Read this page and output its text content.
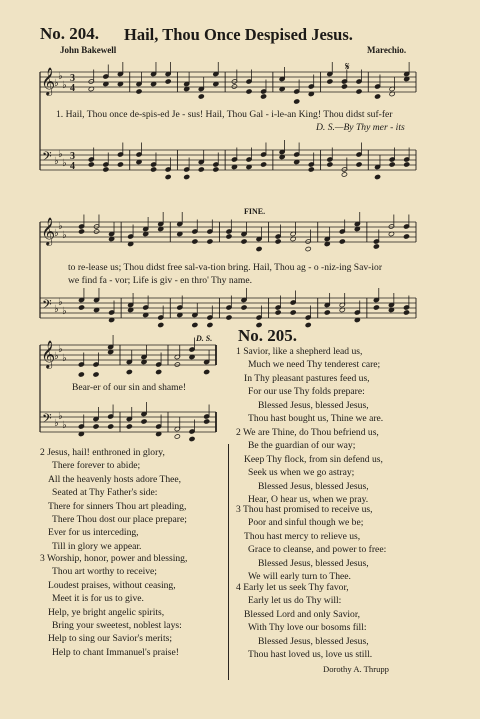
No. 204. Hail, Thou Once Despised Jesus.
John Bakewell	Marechio.
𝄞
𝄢
♭
♭
♭
♭
♭
♭
3
4
3
4
𝄞
𝄢
♭
♭
♭
♭
♭
♭
𝄞
𝄢
♭
♭
♭
♭
♭
♭
𝄋
1. Hail, Thou once de-spis-ed Je - sus! Hail, Thou Gal - i-le-an King! Thou didst suf-fer
D. S.—By Thy mer - its
FINE.
to re-lease us; Thou didst free sal-va-tion bring. Hail, Thou ag - o -niz-ing Sav-ior
we find fa - vor; Life is giv - en thro' Thy name.
D. S.
Bear-er of our sin and shame!
2 Jesus, hail! enthroned in glory,
There forever to abide;
All the heavenly hosts adore Thee,
Seated at Thy Father's side:
There for sinners Thou art pleading,
There Thou dost our place prepare;
Ever for us interceding,
Till in glory we appear.
3 Worship, honor, power and blessing,
Thou art worthy to receive;
Loudest praises, without ceasing,
Meet it is for us to give.
Help, ye bright angelic spirits,
Bring your sweetest, noblest lays:
Help to sing our Savior's merits;
Help to chant Immanuel's praise!
No. 205.
1 Savior, like a shepherd lead us,
Much we need Thy tenderest care;
In Thy pleasant pastures feed us,
For our use Thy folds prepare:
Blessed Jesus, blessed Jesus,
Thou hast bought us, Thine we are.
2 We are Thine, do Thou befriend us,
Be the guardian of our way;
Keep Thy flock, from sin defend us,
Seek us when we go astray;
Blessed Jesus, blessed Jesus,
Hear, O hear us, when we pray.
3 Thou hast promised to receive us,
Poor and sinful though we be;
Thou hast mercy to relieve us,
Grace to cleanse, and power to free:
Blessed Jesus, blessed Jesus,
We will early turn to Thee.
4 Early let us seek Thy favor,
Early let us do Thy will:
Blessed Lord and only Savior,
With Thy love our bosoms fill:
Blessed Jesus, blessed Jesus,
Thou hast loved us, love us still.
Dorothy A. Thrupp
